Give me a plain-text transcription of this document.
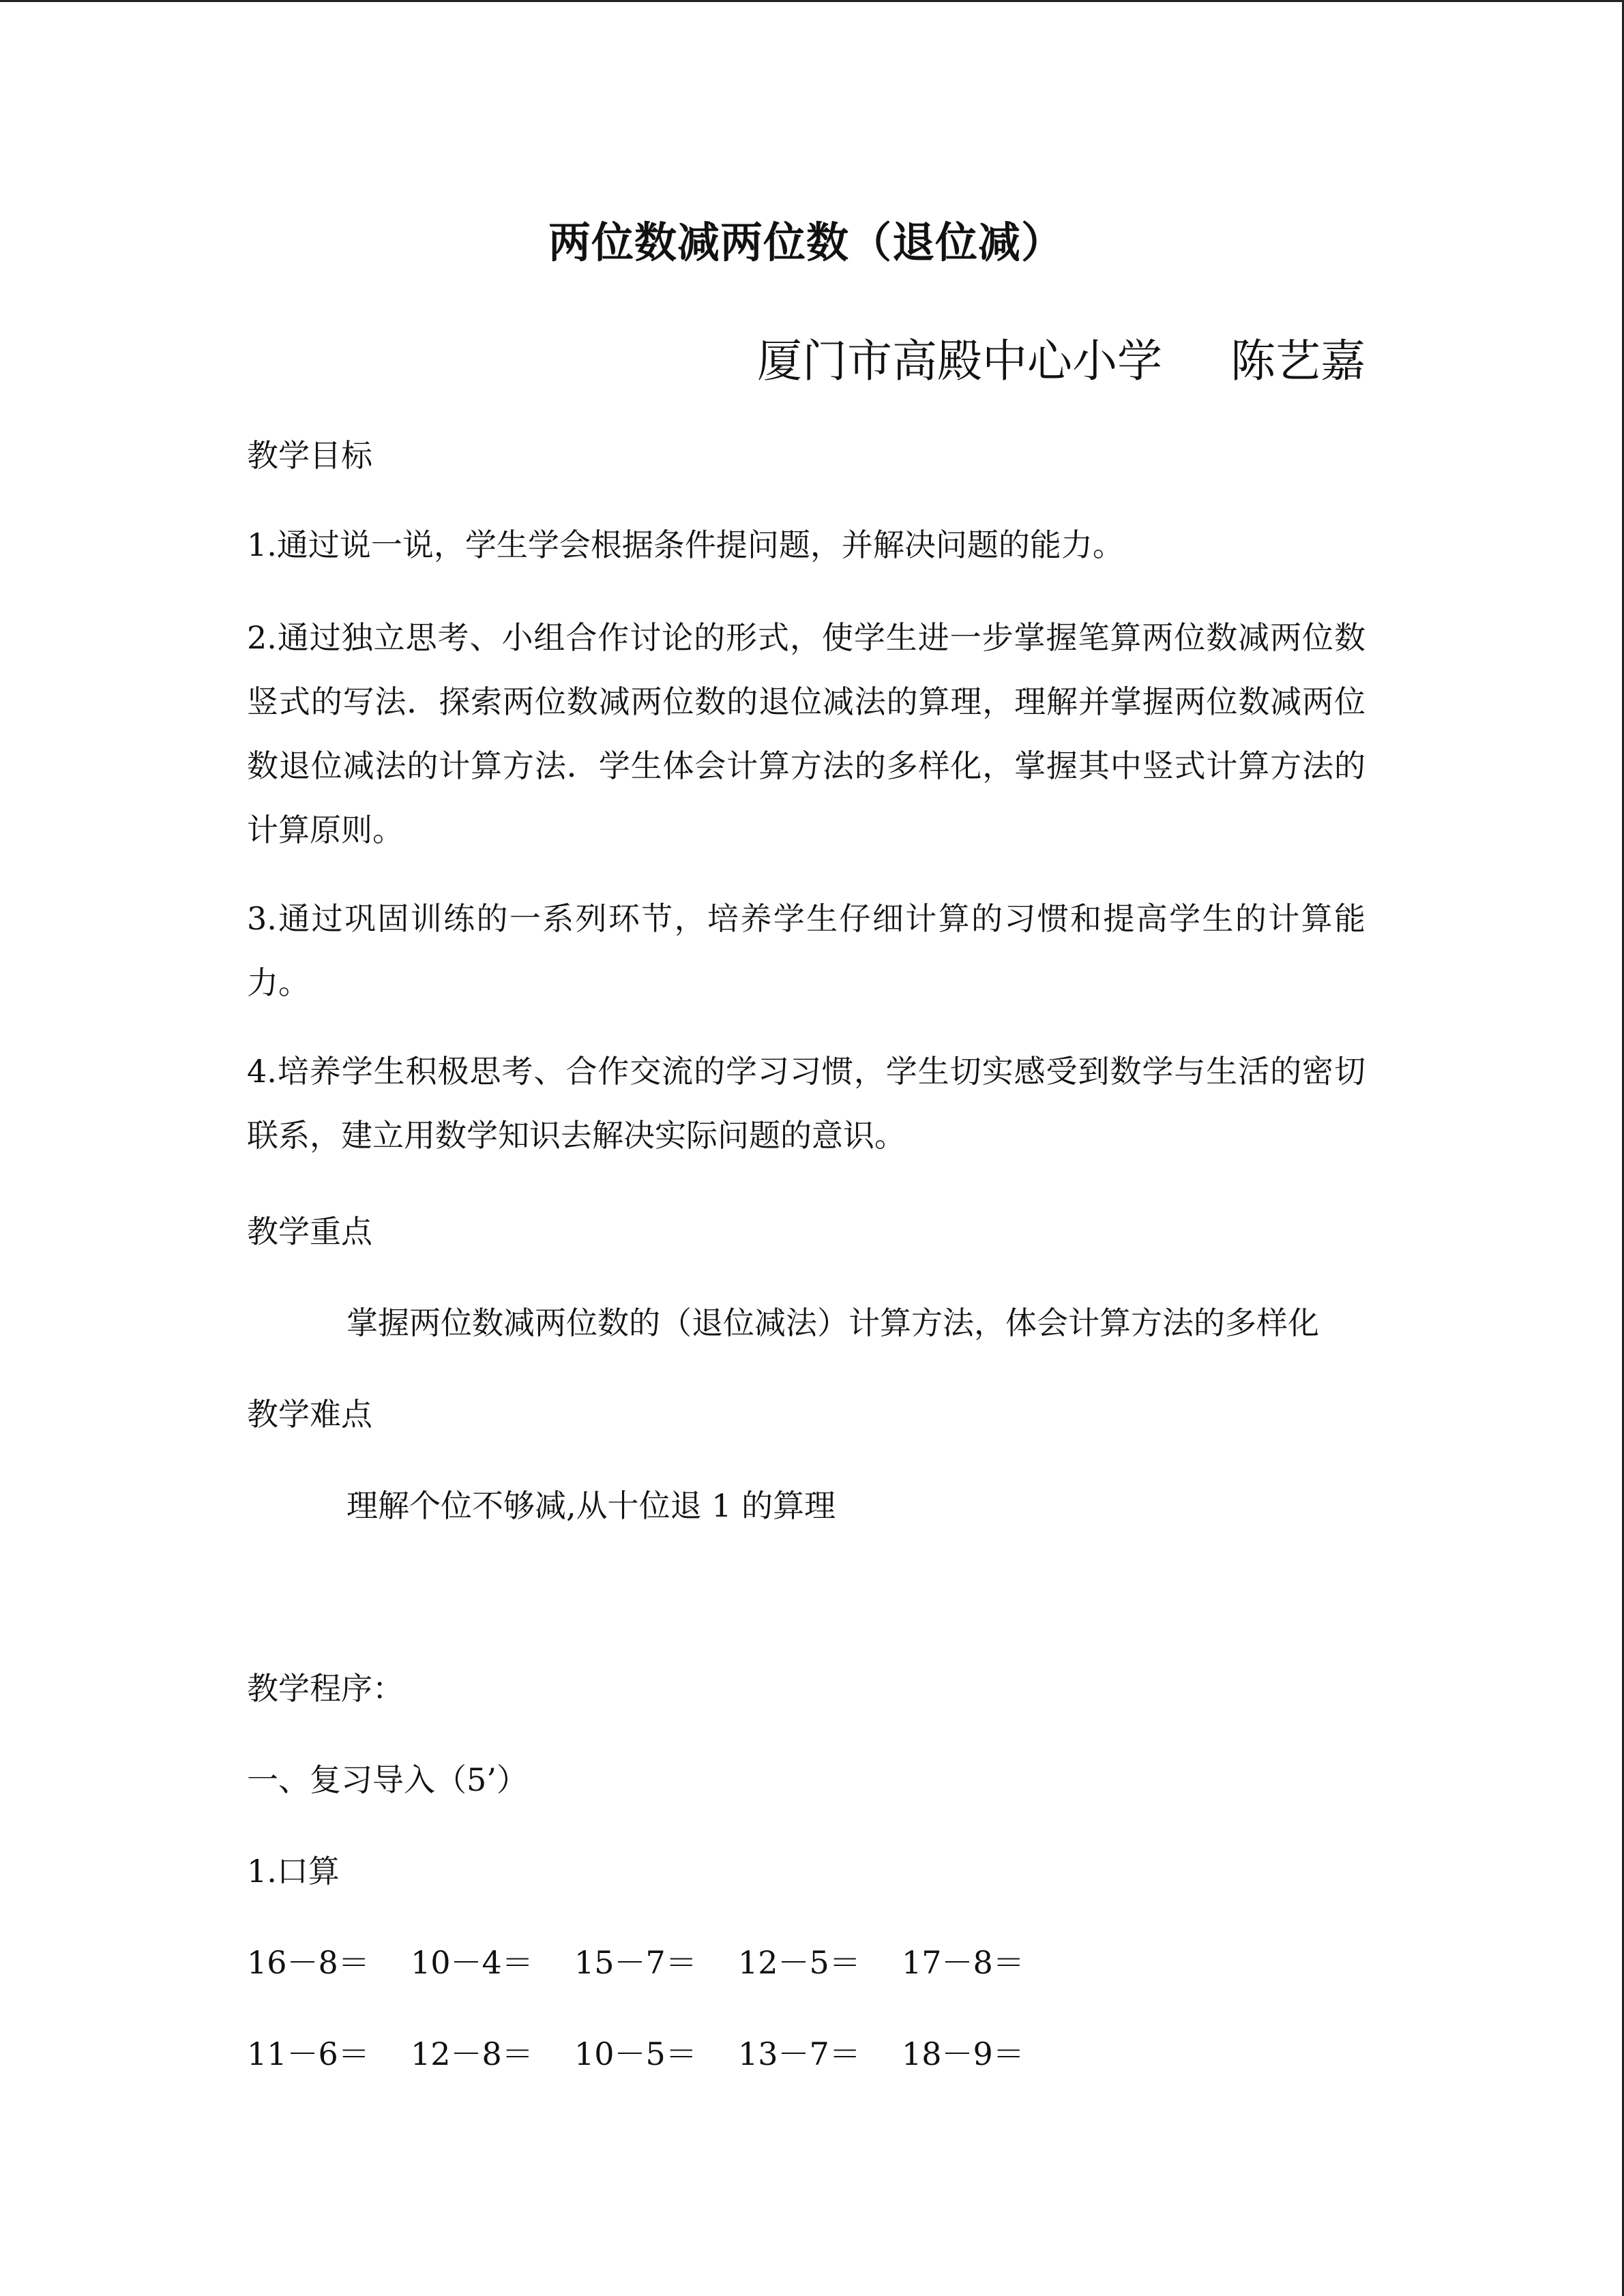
两位数减两位数（退位减）
厦门市高殿中心小学 陈艺嘉
教学目标
1.通过说一说，学生学会根据条件提问题，并解决问题的能力。
2.通过独立思考、小组合作讨论的形式，使学生进一步掌握笔算两位数减两位数竖式的写法．探索两位数减两位数的退位减法的算理，理解并掌握两位数减两位数退位减法的计算方法．学生体会计算方法的多样化，掌握其中竖式计算方法的计算原则。
3.通过巩固训练的一系列环节，培养学生仔细计算的习惯和提高学生的计算能力。
4.培养学生积极思考、合作交流的学习习惯，学生切实感受到数学与生活的密切联系，建立用数学知识去解决实际问题的意识。
教学重点
掌握两位数减两位数的（退位减法）计算方法，体会计算方法的多样化
教学难点
理解个位不够减,从十位退 1 的算理
教学程序：
一、复习导入（5’）
1.口算
16－8＝ 10－4＝ 15－7＝ 12－5＝ 17－8＝
11－6＝ 12－8＝ 10－5＝ 13－7＝ 18－9＝
